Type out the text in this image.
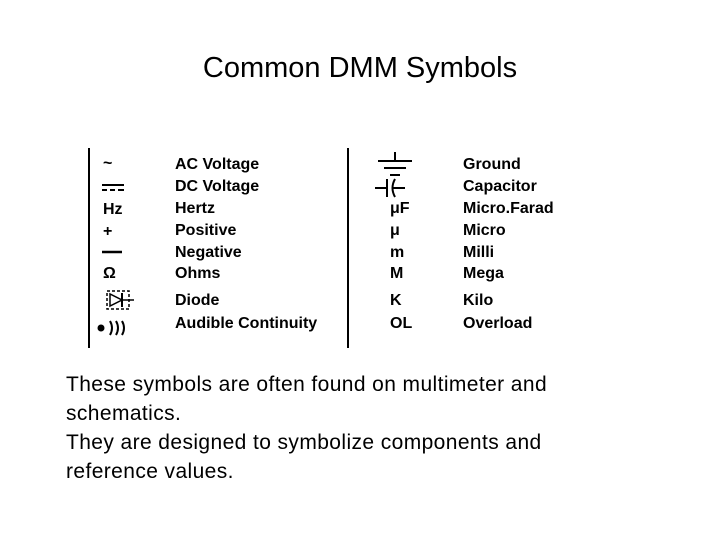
Common DMM Symbols
~
Hz
+
Ω
AC Voltage
DC Voltage
Hertz
Positive
Negative
Ohms
Diode
Audible Continuity
μF
μ
m
M
K
OL
Ground
Capacitor
Micro.Farad
Micro
Milli
Mega
Kilo
Overload
These symbols are often found on multimeter and
schematics.
They are designed to symbolize components and
reference values.
